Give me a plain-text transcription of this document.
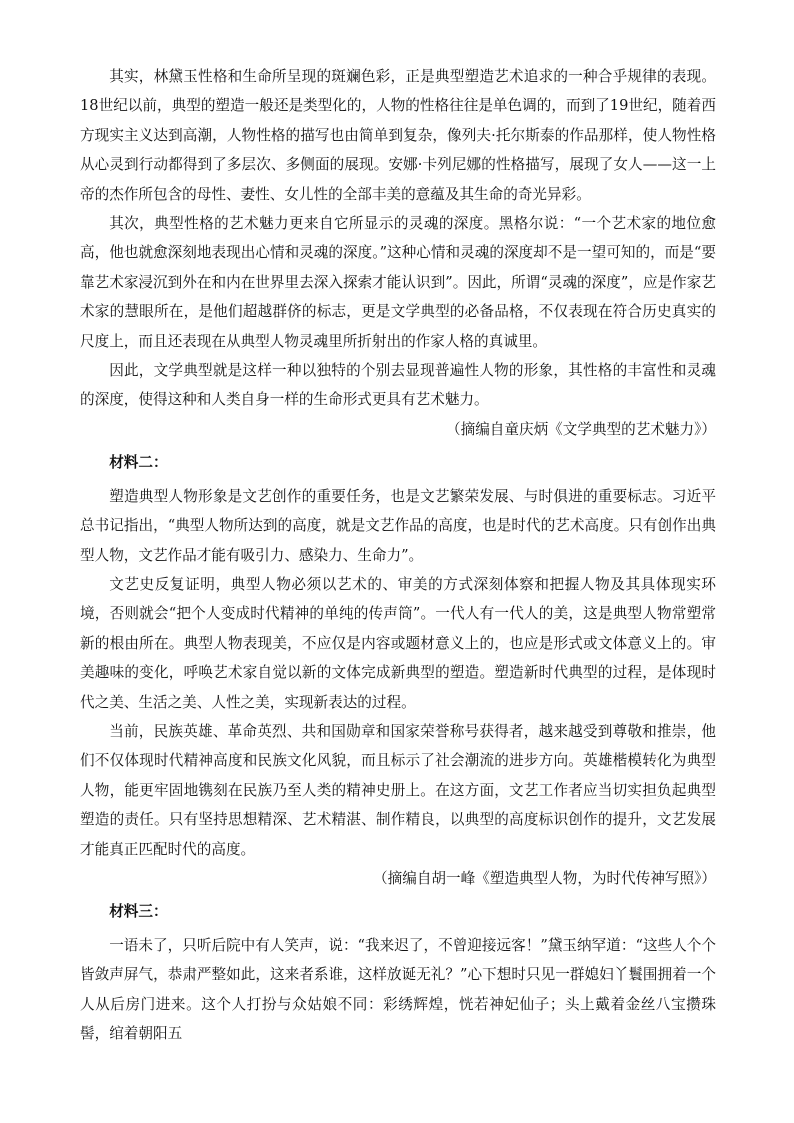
其实，林黛玉性格和生命所呈现的斑斓色彩，正是典型塑造艺术追求的一种合乎规律的表现。18世纪以前，典型的塑造一般还是类型化的，人物的性格往往是单色调的，而到了19世纪，随着西方现实主义达到高潮，人物性格的描写也由简单到复杂，像列夫·托尔斯泰的作品那样，使人物性格从心灵到行动都得到了多层次、多侧面的展现。安娜·卡列尼娜的性格描写，展现了女人——这一上帝的杰作所包含的母性、妻性、女儿性的全部丰美的意蕴及其生命的奇光异彩。

其次，典型性格的艺术魅力更来自它所显示的灵魂的深度。黑格尔说：“一个艺术家的地位愈高，他也就愈深刻地表现出心情和灵魂的深度。”这种心情和灵魂的深度却不是一望可知的，而是“要靠艺术家浸沉到外在和内在世界里去深入探索才能认识到”。因此，所谓“灵魂的深度”，应是作家艺术家的慧眼所在，是他们超越群侪的标志，更是文学典型的必备品格，不仅表现在符合历史真实的尺度上，而且还表现在从典型人物灵魂里所折射出的作家人格的真诚里。

因此，文学典型就是这样一种以独特的个别去显现普遍性人物的形象，其性格的丰富性和灵魂的深度，使得这种和人类自身一样的生命形式更具有艺术魅力。

（摘编自童庆炳《文学典型的艺术魅力》）

材料二：

塑造典型人物形象是文艺创作的重要任务，也是文艺繁荣发展、与时俱进的重要标志。习近平总书记指出，“典型人物所达到的高度，就是文艺作品的高度，也是时代的艺术高度。只有创作出典型人物，文艺作品才能有吸引力、感染力、生命力”。

文艺史反复证明，典型人物必须以艺术的、审美的方式深刻体察和把握人物及其具体现实环境，否则就会“把个人变成时代精神的单纯的传声筒”。一代人有一代人的美，这是典型人物常塑常新的根由所在。典型人物表现美，不应仅是内容或题材意义上的，也应是形式或文体意义上的。审美趣味的变化，呼唤艺术家自觉以新的文体完成新典型的塑造。塑造新时代典型的过程，是体现时代之美、生活之美、人性之美，实现新表达的过程。

当前，民族英雄、革命英烈、共和国勋章和国家荣誉称号获得者，越来越受到尊敬和推崇，他们不仅体现时代精神高度和民族文化风貌，而且标示了社会潮流的进步方向。英雄楷模转化为典型人物，能更牢固地镌刻在民族乃至人类的精神史册上。在这方面，文艺工作者应当切实担负起典型塑造的责任。只有坚持思想精深、艺术精湛、制作精良，以典型的高度标识创作的提升，文艺发展才能真正匹配时代的高度。

（摘编自胡一峰《塑造典型人物，为时代传神写照》）

材料三：

一语未了，只听后院中有人笑声，说：“我来迟了，不曾迎接远客！”黛玉纳罕道：“这些人个个皆敛声屏气，恭肃严整如此，这来者系谁，这样放诞无礼？”心下想时只见一群媳妇丫鬟围拥着一个人从后房门进来。这个人打扮与众姑娘不同：彩绣辉煌，恍若神妃仙子；头上戴着金丝八宝攒珠髻，绾着朝阳五
